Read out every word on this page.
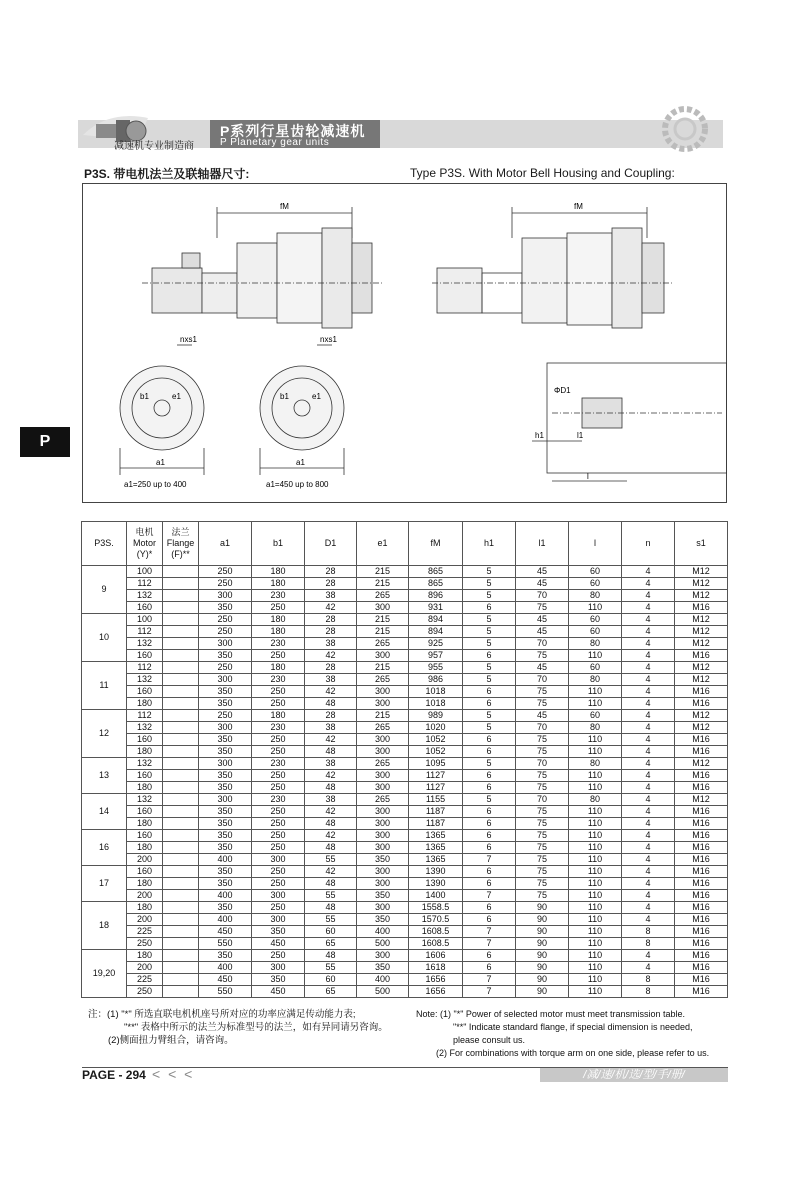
减速机专业制造商
P系列行星齿轮减速机
P Planetary gear units
P
P3S. 带电机法兰及联轴器尺寸:	Type P3S. With Motor Bell Housing and Coupling:
fM	fM
nxs1	nxs1
b1	e1	b1	e1
a1	a1
a1=250 up to 400	a1=450 up to 800
ΦD1
h1	l1
l
P3S.	电机
Motor
(Y)*	法兰
Flange
(F)**	a1	b1	D1	e1	fM	h1	l1	l	n	s1
9	100		250	180	28	215	865	5	45	60	4	M12
	112		250	180	28	215	865	5	45	60	4	M12
	132		300	230	38	265	896	5	70	80	4	M12
	160		350	250	42	300	931	6	75	110	4	M16
10	100		250	180	28	215	894	5	45	60	4	M12
	112		250	180	28	215	894	5	45	60	4	M12
	132		300	230	38	265	925	5	70	80	4	M12
	160		350	250	42	300	957	6	75	110	4	M16
11	112		250	180	28	215	955	5	45	60	4	M12
	132		300	230	38	265	986	5	70	80	4	M12
	160		350	250	42	300	1018	6	75	110	4	M16
	180		350	250	48	300	1018	6	75	110	4	M16
12	112		250	180	28	215	989	5	45	60	4	M12
	132		300	230	38	265	1020	5	70	80	4	M12
	160		350	250	42	300	1052	6	75	110	4	M16
	180		350	250	48	300	1052	6	75	110	4	M16
13	132		300	230	38	265	1095	5	70	80	4	M12
	160		350	250	42	300	1127	6	75	110	4	M16
	180		350	250	48	300	1127	6	75	110	4	M16
14	132		300	230	38	265	1155	5	70	80	4	M12
	160		350	250	42	300	1187	6	75	110	4	M16
	180		350	250	48	300	1187	6	75	110	4	M16
16	160		350	250	42	300	1365	6	75	110	4	M16
	180		350	250	48	300	1365	6	75	110	4	M16
	200		400	300	55	350	1365	7	75	110	4	M16
17	160		350	250	42	300	1390	6	75	110	4	M16
	180		350	250	48	300	1390	6	75	110	4	M16
	200		400	300	55	350	1400	7	75	110	4	M16
18	180		350	250	48	300	1558.5	6	90	110	4	M16
	200		400	300	55	350	1570.5	6	90	110	4	M16
	225		450	350	60	400	1608.5	7	90	110	8	M16
	250		550	450	65	500	1608.5	7	90	110	8	M16
19,20	180		350	250	48	300	1606	6	90	110	4	M16
	200		400	300	55	350	1618	6	90	110	4	M16
	225		450	350	60	400	1656	7	90	110	8	M16
	250		550	450	65	500	1656	7	90	110	8	M16
注：(1) "*" 所选直联电机机座号所对应的功率应满足传动能力表;
"**" 表格中所示的法兰为标准型号的法兰，如有异同请另咨询。
(2)侧面扭力臂组合，请咨询。
Note: (1) "*" Power of selected motor must meet transmission table.
"**" Indicate standard flange, if special dimension is needed,
please consult us.
(2) For combinations with torque arm on one side, please refer to us.
PAGE - 294 < < <	/减/速/机/选/型/手/册/
